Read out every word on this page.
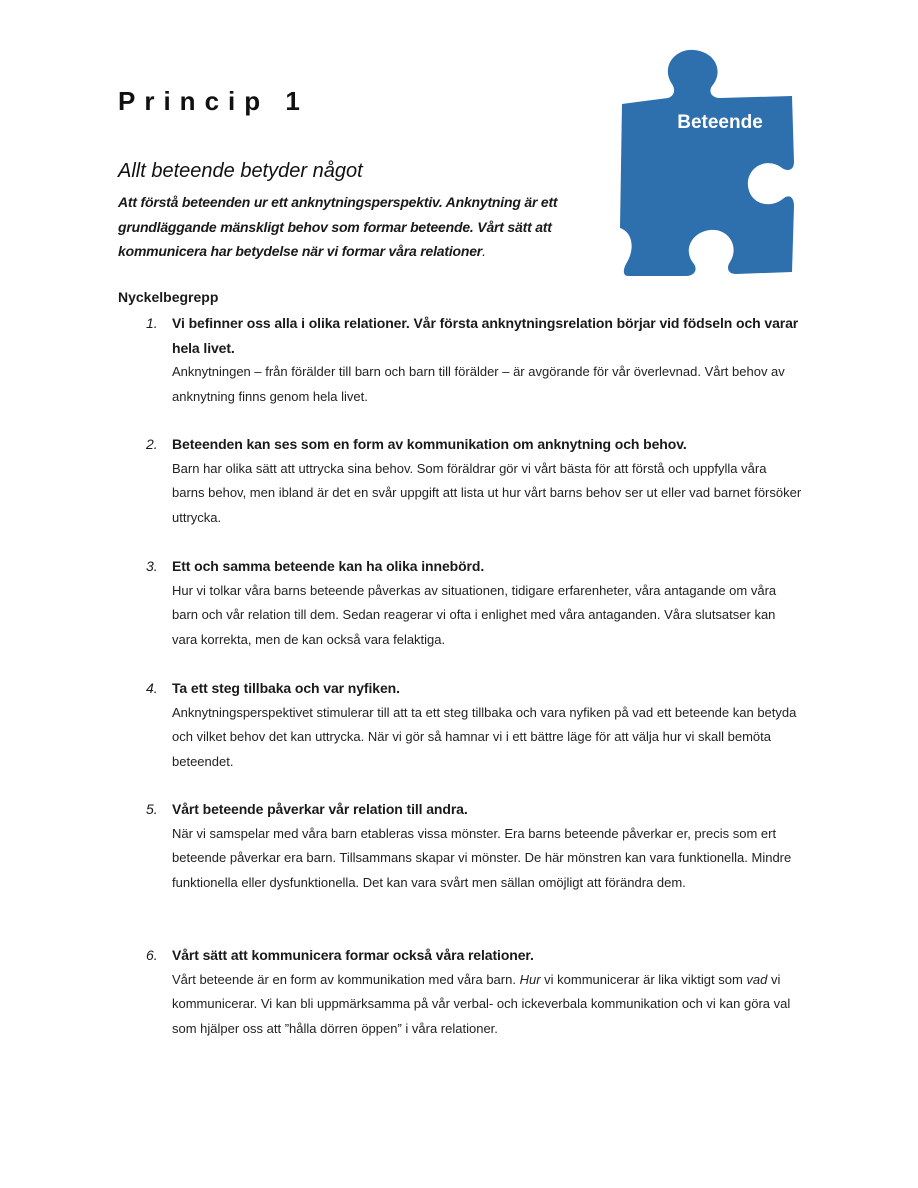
Princip 1
Beteende
Allt beteende betyder något

Att förstå beteenden ur ett anknytningsperspektiv. Anknytning är ett grundläggande mänskligt behov som formar beteende. Vårt sätt att kommunicera har betydelse när vi formar våra relationer.

Nyckelbegrepp
1. Vi befinner oss alla i olika relationer. Vår första anknytningsrelation börjar vid födseln och varar hela livet.

Anknytningen – från förälder till barn och barn till förälder – är avgörande för vår överlevnad. Vårt behov av anknytning finns genom hela livet.

2. Beteenden kan ses som en form av kommunikation om anknytning och behov.

Barn har olika sätt att uttrycka sina behov. Som föräldrar gör vi vårt bästa för att förstå och uppfylla våra barns behov, men ibland är det en svår uppgift att lista ut hur vårt barns behov ser ut eller vad barnet försöker uttrycka.

3. Ett och samma beteende kan ha olika innebörd.

Hur vi tolkar våra barns beteende påverkas av situationen, tidigare erfarenheter, våra antagande om våra barn och vår relation till dem. Sedan reagerar vi ofta i enlighet med våra antaganden. Våra slutsatser kan vara korrekta, men de kan också vara felaktiga.

4. Ta ett steg tillbaka och var nyfiken.

Anknytningsperspektivet stimulerar till att ta ett steg tillbaka och vara nyfiken på vad ett beteende kan betyda och vilket behov det kan uttrycka. När vi gör så hamnar vi i ett bättre läge för att välja hur vi skall bemöta beteendet.

5. Vårt beteende påverkar vår relation till andra.

När vi samspelar med våra barn etableras vissa mönster. Era barns beteende påverkar er, precis som ert beteende påverkar era barn. Tillsammans skapar vi mönster. De här mönstren kan vara funktionella. Mindre funktionella eller dysfunktionella. Det kan vara svårt men sällan omöjligt att förändra dem.

6. Vårt sätt att kommunicera formar också våra relationer.

Vårt beteende är en form av kommunikation med våra barn. Hur vi kommunicerar är lika viktigt som vad vi kommunicerar. Vi kan bli uppmärksamma på vår verbal- och ickeverbala kommunikation och vi kan göra val som hjälper oss att ”hålla dörren öppen” i våra relationer.
